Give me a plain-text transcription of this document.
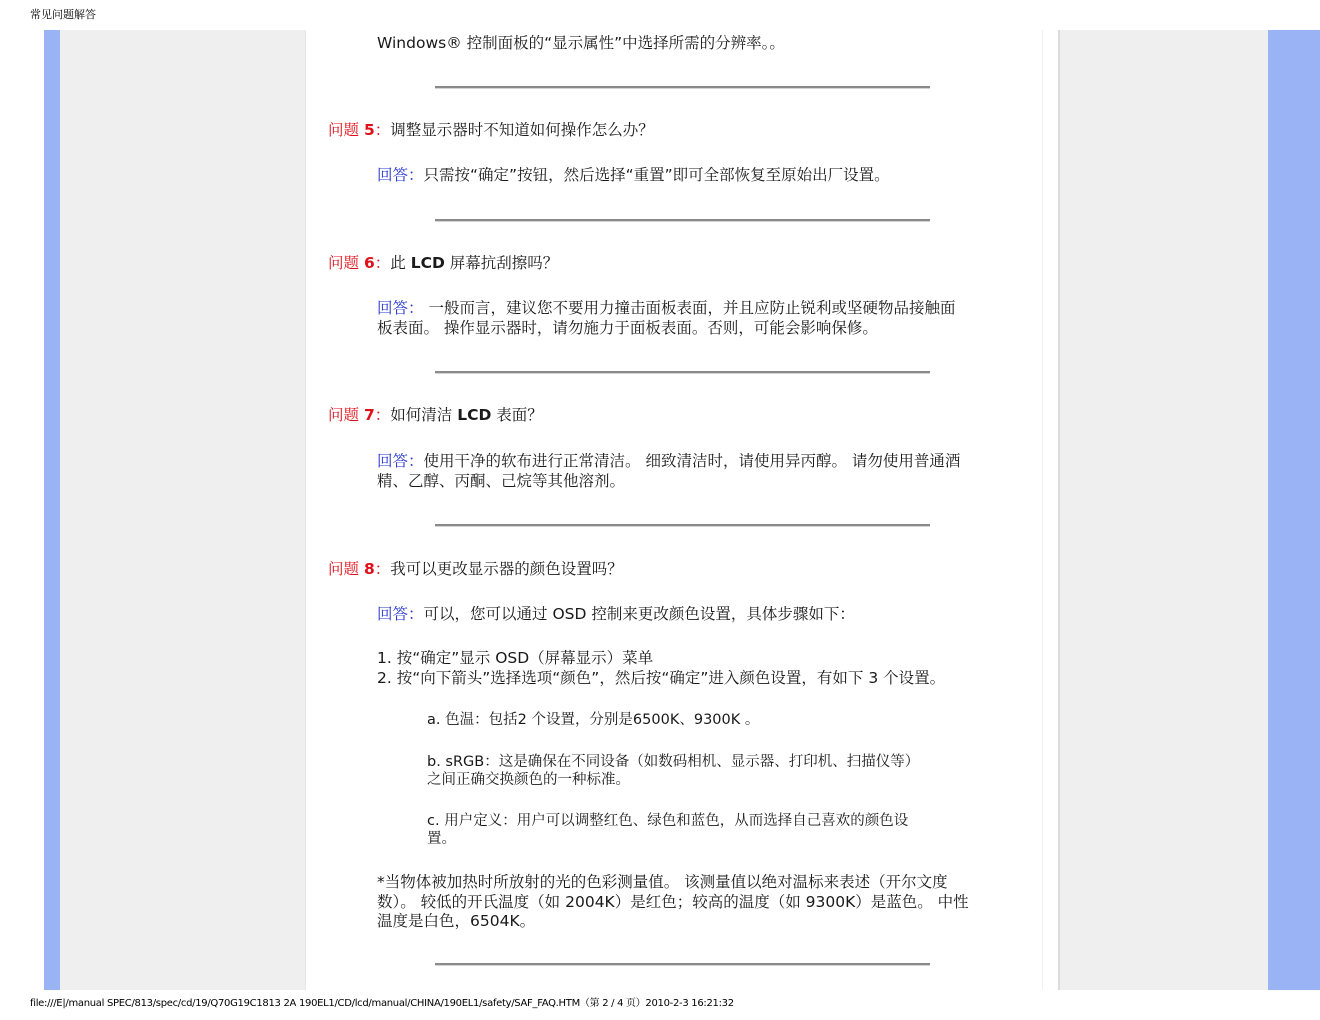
常见问题解答
Windows® 控制面板的“显示属性”中选择所需的分辨率。。
问题 5：调整显示器时不知道如何操作怎么办？
回答：只需按“确定”按钮，然后选择“重置”即可全部恢复至原始出厂设置。
问题 6：此 LCD 屏幕抗刮擦吗？
回答： 一般而言，建议您不要用力撞击面板表面，并且应防止锐利或坚硬物品接触面
板表面。 操作显示器时，请勿施力于面板表面。否则，可能会影响保修。
问题 7：如何清洁 LCD 表面？
回答：使用干净的软布进行正常清洁。 细致清洁时，请使用异丙醇。 请勿使用普通酒
精、乙醇、丙酮、己烷等其他溶剂。
问题 8：我可以更改显示器的颜色设置吗？
回答：可以，您可以通过 OSD 控制来更改颜色设置，具体步骤如下：
1. 按“确定”显示 OSD（屏幕显示）菜单
2. 按“向下箭头”选择选项“颜色”，然后按“确定”进入颜色设置，有如下 3 个设置。
a. 色温：包括2 个设置，分别是6500K、9300K 。
b. sRGB：这是确保在不同设备（如数码相机、显示器、打印机、扫描仪等）
之间正确交换颜色的一种标准。
c. 用户定义：用户可以调整红色、绿色和蓝色，从而选择自己喜欢的颜色设
置。
*当物体被加热时所放射的光的色彩测量值。 该测量值以绝对温标来表述（开尔文度
数）。 较低的开氏温度（如 2004K）是红色；较高的温度（如 9300K）是蓝色。 中性
温度是白色，6504K。
file:///E|/manual SPEC/813/spec/cd/19/Q70G19C1813 2A 190EL1/CD/lcd/manual/CHINA/190EL1/safety/SAF_FAQ.HTM（第 2 / 4 页）2010-2-3 16:21:32
